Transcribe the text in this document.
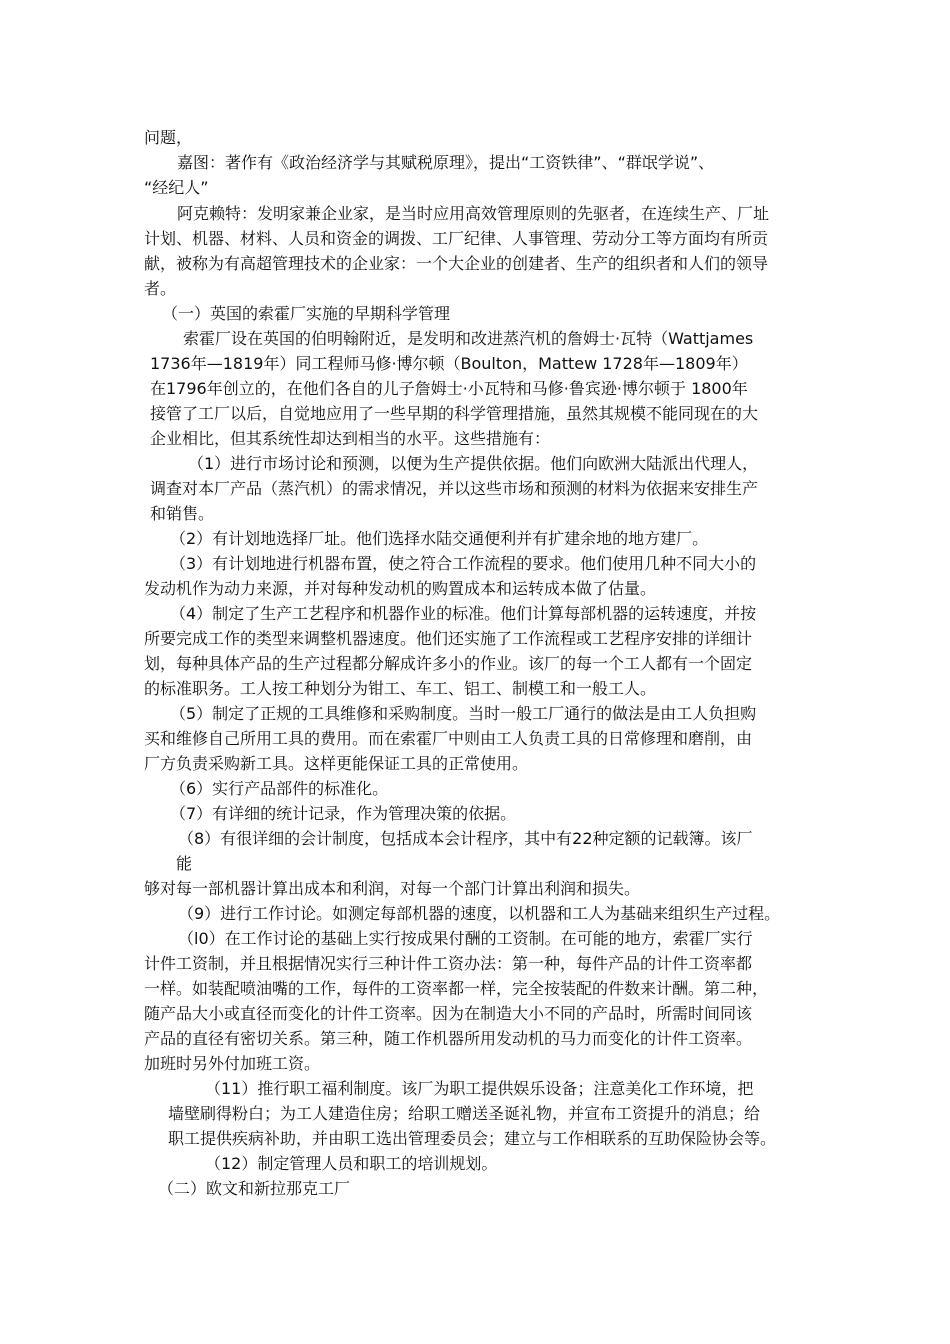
问题，
嘉图：著作有《政治经济学与其赋税原理》，提出“工资铁律”、“群氓学说”、
“经纪人”
阿克赖特：发明家兼企业家，是当时应用高效管理原则的先驱者，在连续生产、厂址
计划、机器、材料、人员和资金的调拨、工厂纪律、人事管理、劳动分工等方面均有所贡
献，被称为有高超管理技术的企业家：一个大企业的创建者、生产的组织者和人们的领导
者。
（一）英国的索霍厂实施的早期科学管理
索霍厂设在英国的伯明翰附近，是发明和改进蒸汽机的詹姆士·瓦特（Wattjames
1736年—1819年）同工程师马修·博尔顿（Boulton，Mattew 1728年—1809年）
在1796年创立的，在他们各自的儿子詹姆士·小瓦特和马修·鲁宾逊·博尔顿于 1800年
接管了工厂以后，自觉地应用了一些早期的科学管理措施，虽然其规模不能同现在的大
企业相比，但其系统性却达到相当的水平。这些措施有：
（1）进行市场讨论和预测，以便为生产提供依据。他们向欧洲大陆派出代理人，
调查对本厂产品（蒸汽机）的需求情况，并以这些市场和预测的材料为依据来安排生产
和销售。
（2）有计划地选择厂址。他们选择水陆交通便利并有扩建余地的地方建厂。
（3）有计划地进行机器布置，使之符合工作流程的要求。他们使用几种不同大小的
发动机作为动力来源，并对每种发动机的购置成本和运转成本做了估量。
（4）制定了生产工艺程序和机器作业的标准。他们计算每部机器的运转速度，并按
所要完成工作的类型来调整机器速度。他们还实施了工作流程或工艺程序安排的详细计
划，每种具体产品的生产过程都分解成许多小的作业。该厂的每一个工人都有一个固定
的标准职务。工人按工种划分为钳工、车工、铝工、制模工和一般工人。
（5）制定了正规的工具维修和采购制度。当时一般工厂通行的做法是由工人负担购
买和维修自己所用工具的费用。而在索霍厂中则由工人负责工具的日常修理和磨削，由
厂方负责采购新工具。这样更能保证工具的正常使用。
（6）实行产品部件的标准化。
（7）有详细的统计记录，作为管理决策的依据。
（8）有很详细的会计制度，包括成本会计程序，其中有22种定额的记载簿。该厂
能
够对每一部机器计算出成本和利润，对每一个部门计算出利润和损失。
（9）进行工作讨论。如测定每部机器的速度，以机器和工人为基础来组织生产过程。
（l0）在工作讨论的基础上实行按成果付酬的工资制。在可能的地方，索霍厂实行
计件工资制，并且根据情况实行三种计件工资办法：第一种，每件产品的计件工资率都
一样。如装配喷油嘴的工作，每件的工资率都一样，完全按装配的件数来计酬。第二种，
随产品大小或直径而变化的计件工资率。因为在制造大小不同的产品时，所需时间同该
产品的直径有密切关系。第三种，随工作机器所用发动机的马力而变化的计件工资率。
加班时另外付加班工资。
（11）推行职工福利制度。该厂为职工提供娱乐设备；注意美化工作环境，把
墙壁刷得粉白；为工人建造住房；给职工赠送圣诞礼物，并宣布工资提升的消息；给
职工提供疾病补助，并由职工选出管理委员会；建立与工作相联系的互助保险协会等。
（12）制定管理人员和职工的培训规划。
（二）欧文和新拉那克工厂
